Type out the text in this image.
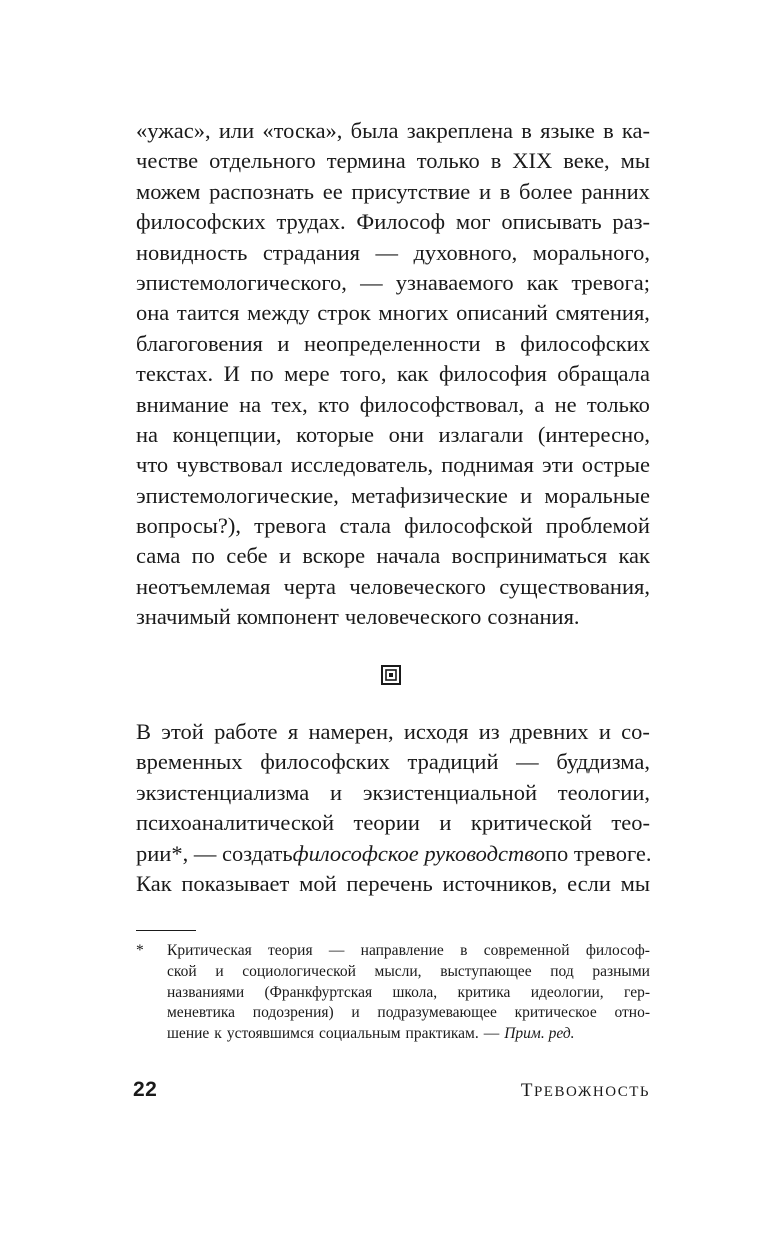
«ужас», или «тоска», была закреплена в языке в ка-
честве отдельного термина только в XIX веке, мы
можем распознать ее присутствие и в более ранних
философских трудах. Философ мог описывать раз-
новидность страдания — духовного, морального,
эпистемологического, — узнаваемого как тревога;
она таится между строк многих описаний смятения,
благоговения и неопределенности в философских
текстах. И по мере того, как философия обращала
внимание на тех, кто философствовал, а не только
на концепции, которые они излагали (интересно,
что чувствовал исследователь, поднимая эти острые
эпистемологические, метафизические и моральные
вопросы?), тревога стала философской проблемой
сама по себе и вскоре начала восприниматься как
неотъемлемая черта человеческого существования,
значимый компонент человеческого сознания.
В этой работе я намерен, исходя из древних и со-
временных философских традиций — буддизма,
экзистенциализма и экзистенциальной теологии,
психоаналитической теории и критической тео-
рии*, — создать философское руководство по тревоге.
Как показывает мой перечень источников, если мы
* Критическая теория — направление в современной философ-
ской и социологической мысли, выступающее под разными
названиями (Франкфуртская школа, критика идеологии, гер-
меневтика подозрения) и подразумевающее критическое отно-
шение к устоявшимся социальным практикам. — Прим. ред.
22	ТРЕВОЖНОСТЬ
